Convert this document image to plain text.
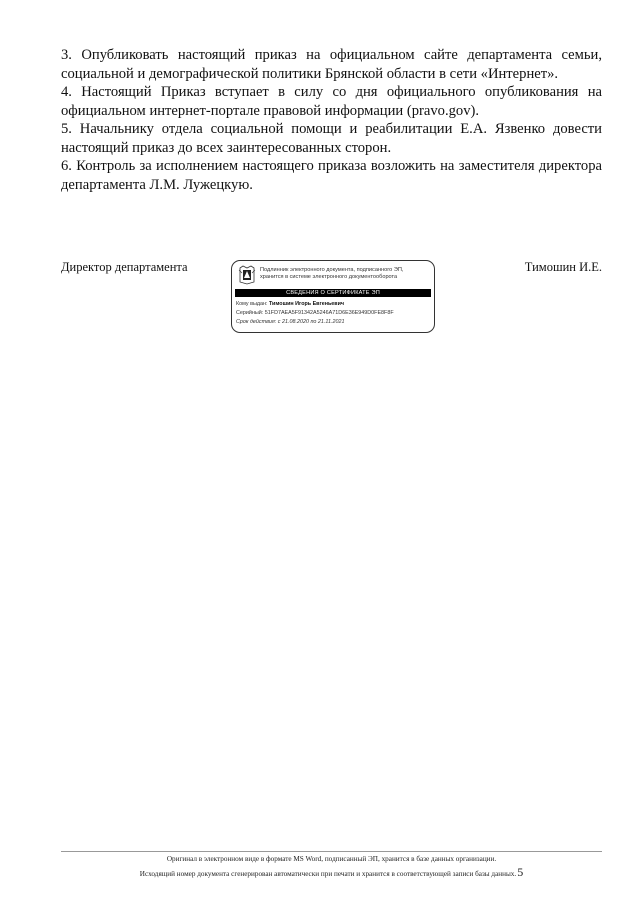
3. Опубликовать настоящий приказ на официальном сайте департамента семьи, социальной и демографической политики Брянской области в сети «Интернет».

4. Настоящий Приказ вступает в силу со дня официального опубликования на официальном интернет-портале правовой информации (pravo.gov).

5. Начальнику отдела социальной помощи и реабилитации Е.А. Язвенко довести настоящий приказ до всех заинтересованных сторон.

6. Контроль за исполнением настоящего приказа возложить на заместителя директора департамента Л.М. Лужецкую.

Директор департамента	Подлинник электронного документа, подписанного ЭП,
хранится в системе электронного документооборота
СВЕДЕНИЯ О СЕРТИФИКАТЕ ЭП
Кому выдан: Тимошин Игорь Евгеньевич
Серийный: 51FD7AEA5F91342A5246A71D6E36E949D0FE8F8F
Срок действия: с 21.08.2020 по 21.11.2021
Тимошин И.Е.
Оригинал в электронном виде в формате MS Word, подписанный ЭП, хранится в базе данных организации.
Исходящий номер документа сгенерирован автоматически при печати и хранится в соответствующей записи базы данных.5
